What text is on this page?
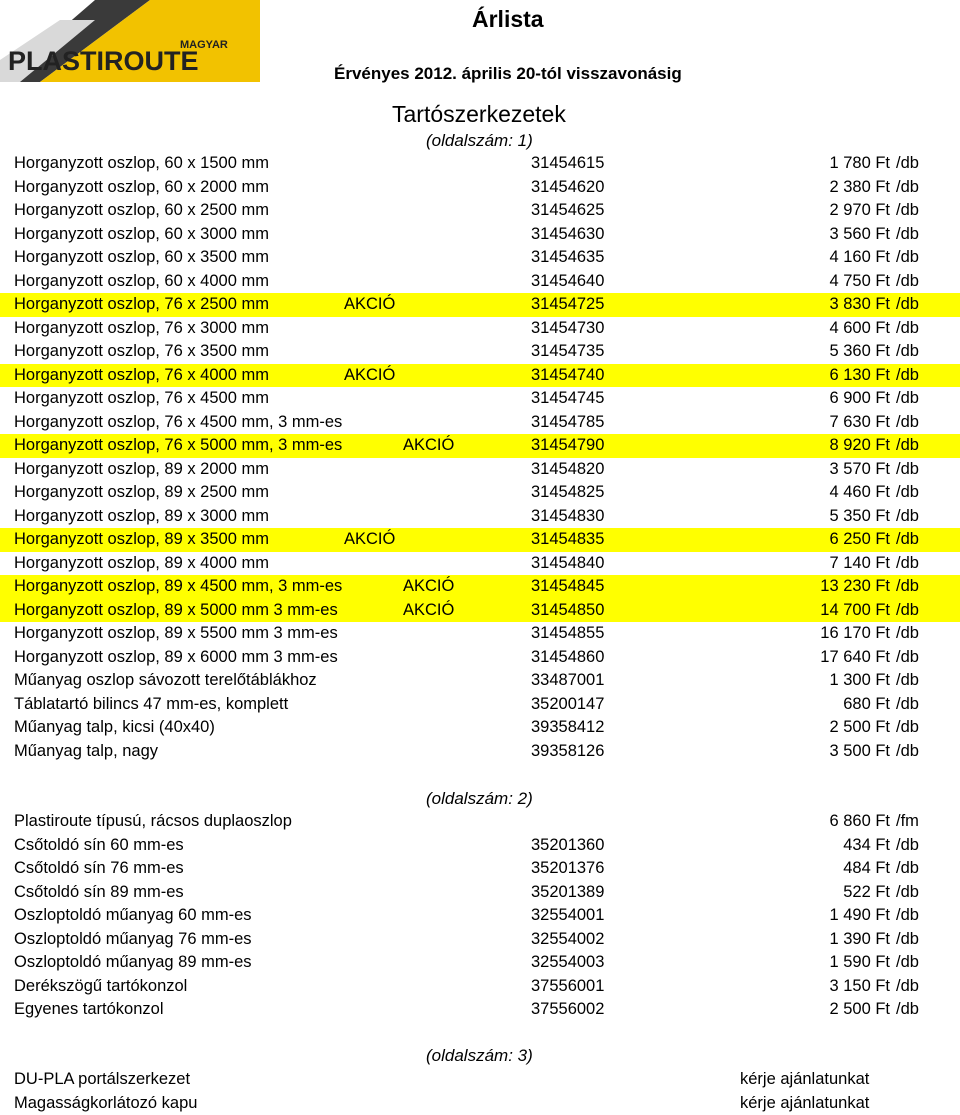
MAGYAR
PLASTIROUTE
Árlista
Érvényes 2012. április 20-tól visszavonásig
Tartószerkezetek
(oldalszám: 1)
Horganyzott oszlop, 60 x 1500 mm	31454615	1 780 Ft /db
Horganyzott oszlop, 60 x 2000 mm	31454620	2 380 Ft /db
Horganyzott oszlop, 60 x 2500 mm	31454625	2 970 Ft /db
Horganyzott oszlop, 60 x 3000 mm	31454630	3 560 Ft /db
Horganyzott oszlop, 60 x 3500 mm	31454635	4 160 Ft /db
Horganyzott oszlop, 60 x 4000 mm	31454640	4 750 Ft /db
Horganyzott oszlop, 76 x 2500 mm	AKCIÓ	31454725	3 830 Ft /db
Horganyzott oszlop, 76 x 3000 mm	31454730	4 600 Ft /db
Horganyzott oszlop, 76 x 3500 mm	31454735	5 360 Ft /db
Horganyzott oszlop, 76 x 4000 mm	AKCIÓ	31454740	6 130 Ft /db
Horganyzott oszlop, 76 x 4500 mm	31454745	6 900 Ft /db
Horganyzott oszlop, 76 x 4500 mm, 3 mm-es	31454785	7 630 Ft /db
Horganyzott oszlop, 76 x 5000 mm, 3 mm-es	AKCIÓ	31454790	8 920 Ft /db
Horganyzott oszlop, 89 x 2000 mm	31454820	3 570 Ft /db
Horganyzott oszlop, 89 x 2500 mm	31454825	4 460 Ft /db
Horganyzott oszlop, 89 x 3000 mm	31454830	5 350 Ft /db
Horganyzott oszlop, 89 x 3500 mm	AKCIÓ	31454835	6 250 Ft /db
Horganyzott oszlop, 89 x 4000 mm	31454840	7 140 Ft /db
Horganyzott oszlop, 89 x 4500 mm, 3 mm-es	AKCIÓ	31454845	13 230 Ft /db
Horganyzott oszlop, 89 x 5000 mm 3 mm-es	AKCIÓ	31454850	14 700 Ft /db
Horganyzott oszlop, 89 x 5500 mm 3 mm-es	31454855	16 170 Ft /db
Horganyzott oszlop, 89 x 6000 mm 3 mm-es	31454860	17 640 Ft /db
Műanyag oszlop sávozott terelőtáblákhoz	33487001	1 300 Ft /db
Táblatartó bilincs 47 mm-es, komplett	35200147	680 Ft /db
Műanyag talp, kicsi (40x40)	39358412	2 500 Ft /db
Műanyag talp, nagy	39358126	3 500 Ft /db
(oldalszám: 2)
Plastiroute típusú, rácsos duplaoszlop	6 860 Ft /fm
Csőtoldó sín 60 mm-es	35201360	434 Ft /db
Csőtoldó sín 76 mm-es	35201376	484 Ft /db
Csőtoldó sín 89 mm-es	35201389	522 Ft /db
Oszloptoldó műanyag 60 mm-es	32554001	1 490 Ft /db
Oszloptoldó műanyag 76 mm-es	32554002	1 390 Ft /db
Oszloptoldó műanyag 89 mm-es	32554003	1 590 Ft /db
Derékszögű tartókonzol	37556001	3 150 Ft /db
Egyenes tartókonzol	37556002	2 500 Ft /db
(oldalszám: 3)
DU-PLA portálszerkezet	kérje ajánlatunkat
Magasságkorlátozó kapu	kérje ajánlatunkat
